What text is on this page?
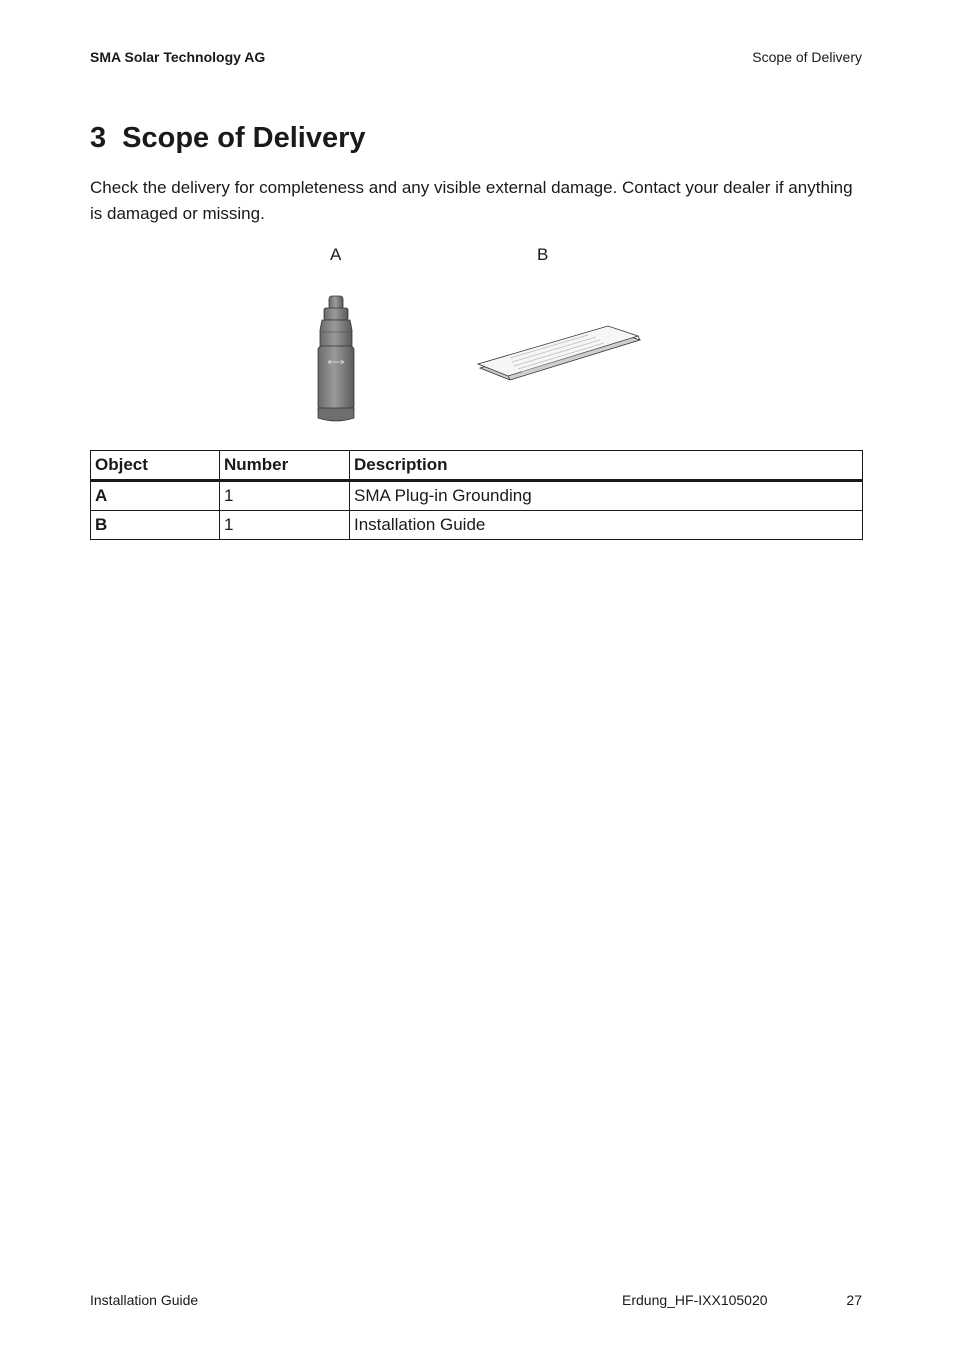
SMA Solar Technology AG	Scope of Delivery
3 Scope of Delivery

Check the delivery for completeness and any visible external damage. Contact your dealer if anything is damaged or missing.

A	B
Object	Number	Description
A	1	SMA Plug-in Grounding
B	1	Installation Guide
Installation Guide	Erdung_HF-IXX105020	27
